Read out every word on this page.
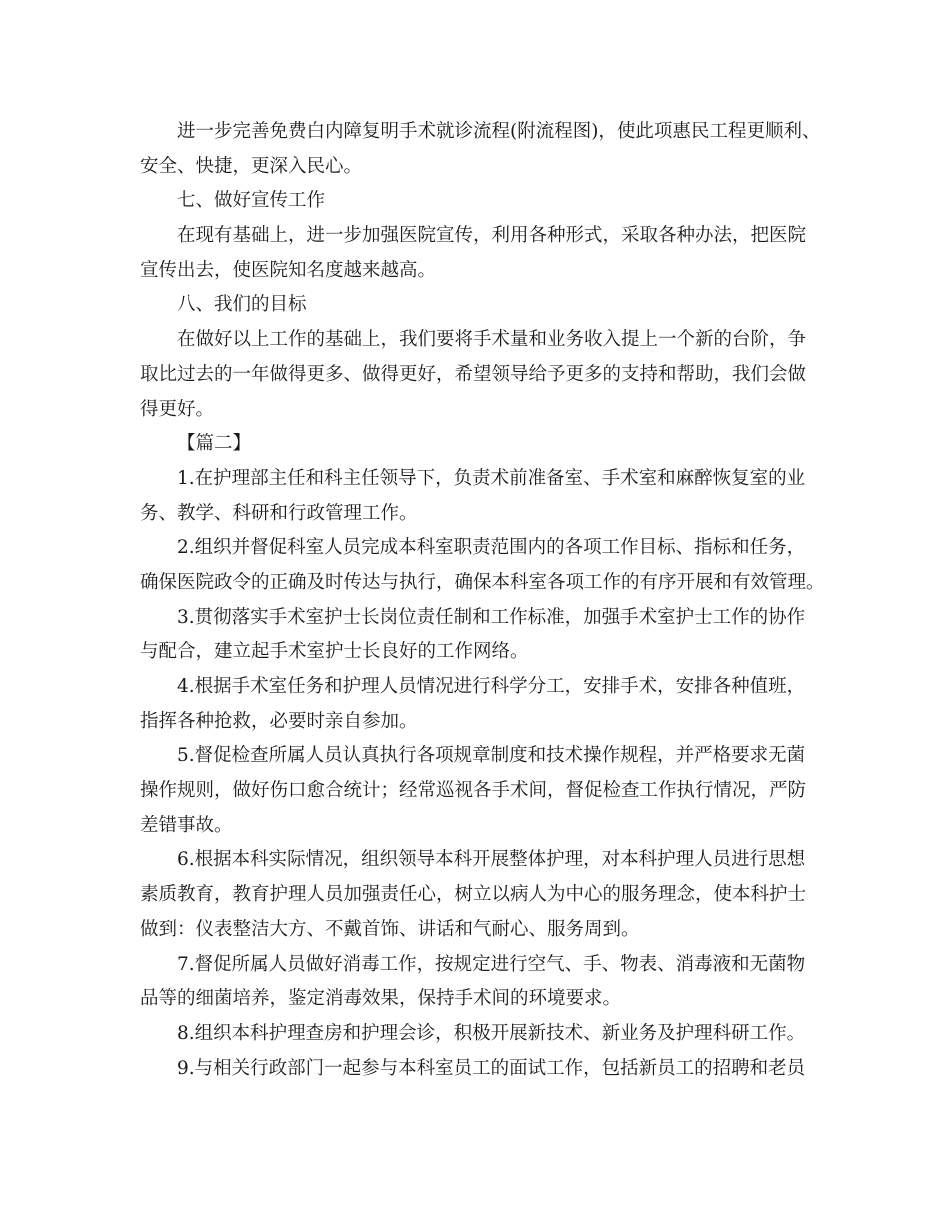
进一步完善免费白内障复明手术就诊流程(附流程图)，使此项惠民工程更顺利、
安全、快捷，更深入民心。
七、做好宣传工作
在现有基础上，进一步加强医院宣传，利用各种形式，采取各种办法，把医院
宣传出去，使医院知名度越来越高。
八、我们的目标
在做好以上工作的基础上，我们要将手术量和业务收入提上一个新的台阶，争
取比过去的一年做得更多、做得更好，希望领导给予更多的支持和帮助，我们会做
得更好。
【篇二】
1.在护理部主任和科主任领导下，负责术前准备室、手术室和麻醉恢复室的业
务、教学、科研和行政管理工作。
2.组织并督促科室人员完成本科室职责范围内的各项工作目标、指标和任务，
确保医院政令的正确及时传达与执行，确保本科室各项工作的有序开展和有效管理。
3.贯彻落实手术室护士长岗位责任制和工作标准，加强手术室护士工作的协作
与配合，建立起手术室护士长良好的工作网络。
4.根据手术室任务和护理人员情况进行科学分工，安排手术，安排各种值班，
指挥各种抢救，必要时亲自参加。
5.督促检查所属人员认真执行各项规章制度和技术操作规程，并严格要求无菌
操作规则，做好伤口愈合统计；经常巡视各手术间，督促检查工作执行情况，严防
差错事故。
6.根据本科实际情况，组织领导本科开展整体护理，对本科护理人员进行思想
素质教育，教育护理人员加强责任心，树立以病人为中心的服务理念，使本科护士
做到：仪表整洁大方、不戴首饰、讲话和气耐心、服务周到。
7.督促所属人员做好消毒工作，按规定进行空气、手、物表、消毒液和无菌物
品等的细菌培养，鉴定消毒效果，保持手术间的环境要求。
8.组织本科护理查房和护理会诊，积极开展新技术、新业务及护理科研工作。
9.与相关行政部门一起参与本科室员工的面试工作，包括新员工的招聘和老员
